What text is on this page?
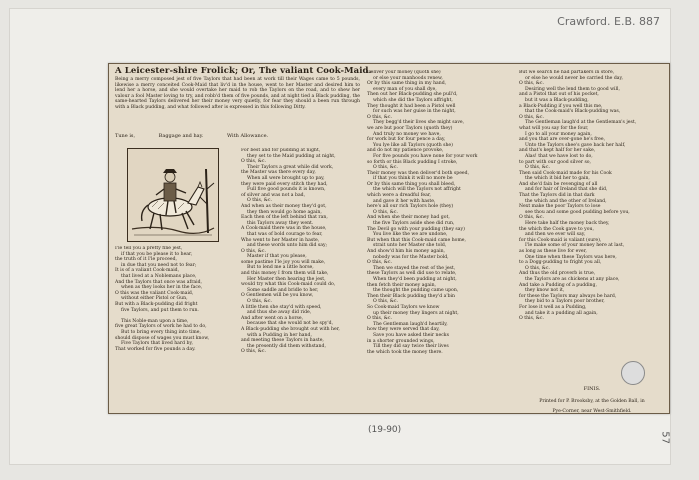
Crawford. E.B. 887
57
(19-90)
A Leicester-shire Frolick; Or, The valiant Cook-Maid.
Being a merry composed jest of five Taylors that had been at work till their Wages came to 5 pounds, likewise a merry conceited Cook-Maid that liv'd in the house, went to her Master and desired him to lend her a horse, and she would overtake her maid to rob the Taylors on the road, and to shew her valour a fool Master loving to try, and robb'd them of five pounds, and at night tied a Black pudding, the same-hearted Taylors delivered her their money very quietly, for fear they should a been run through with a Black pudding, and what followed after is expressed in this following Ditty.
Tune is,	Baggage and hay.	With Allowance.

I'le tell you a pretty fine jest,

if that you be please it to hear,

the truth of it I'le proceed,

in due that you need not to fear;

It is of a valiant Cook-maid,

that lived at a Noblemans place,

And the Taylors that once was afraid,

when as they looks her in the face,

O this was the valiant Cook-maid,

without either Pistol or Gun,

But with a Black-pudding did fright

five Taylors, and put them to run.

This Noble-man upon a time,

five great Taylors of work he had to do,

But to bring every thing into time,

should dispose of wages you must know,

Five Taylors that lived hard by,

That worked for five pounds a day.

For best and for pudding at night,

they set to the Maid pudding at night,

O this, &c.

Their Taylors a great while did work,

the Master was there every day,

When all were brought up to pay,

they were paid every stitch they had,

Full five good pounds it is known,

of silver and was not a bad,

O this, &c.

And when as their money they'd got,

they then would go home again,

Each then of the left behind that ran,

this Taylors away they went.

A Cook-maid there was in the house,

that was of bold courage to fear,

Who went to her Master in haste,

and these words unto him did say;

O this, &c.

Master if that you please,

some pastime I'le joy you will make,

But to lend me a little horse,

and this money I from them will take,

Her Master then hearing the jest,

would try what this Cook-maid could do,

Some saddle and bridle to her,

O Gentlemen will be you know,

O this, &c.

A little then she stay'd with speed,

and thus she away did ride,

And after went on a horse,

because that she would not be spy'd,

A Black-pudding she brought out with her,

with a Pudding in her hand,

and meeting these Taylors in haste,

the presently did them withstand,

O this, &c.

Deliver your money (quoth she)

or else your manhoods renew,

Or by this same thing in my hand,

every man of you shall dye,

Then out her Black-pudding she pull'd,

which she did the Taylors affright,

They thought it had been a Pistol well

for such was her guise in the night,

O this, &c.

They begg'd their lives she might save,

we are but poor Taylors (quoth they)

And truly no money we have,

for work but for four pence a day,

You lye like all Taylors (quoth she)

and do not my patience provoke,

For five pounds you have none for your work

so forth or this Black pudding I stroke,

O this, &c.

Their money was then deliver'd both speed,

if that you think it will no more be

Or by this same thing you shall bleed,

the which will the Taylors not affright

which were a dreadful fear,

and gave it her with haste,

here's all our rich Taylors hole (they)

O this, &c.

And when she their money had got,

the five Taylors aside shee did run,

The Devil go with your pudding (they say)

You live like the we are undone,

But when that this Cook-maid came home,

strait unto her Master she told,

And show'd him his money again,

nobody was for the Master bold,

O this, &c.

Then we stayed the rest of the jest,

these Taylors as well did use to relate,

When they'd been pudding at night,

then fetch their money again,

the thought the pudding came upon,

Then their Black pudding they'd a'bin

O this, &c.

So Cook-maid Taylors we know

up their money they lingers at night,

O this, &c.

The Gentleman laugh'd heartily,

how they were served that day,

Save you have asked their necks

in a shorter grounded wings,

Till they did say twice their lives

the which took the money there.

But we search he had partakers in store,

or else he would never be carried the day,

O this, &c.

Desiring well the lend them to good will,

and a Pistol that out of his pocket,

but it was a Black-pudding,

a Black-Pudding if you well this me,

that the Cook-maid's Black-pudding was,

O this, &c.

The Gentleman laugh'd at the Gentleman's jest,

what will you say for the four,

I go to all your money again,

and you that are over-gone he's free,

Unto the Taylors shee's gave back her half,

and that's kept half for her sake,

Alas! that we have lost to do,

to part with our good silver so,

O this, &c.

Then said Cook-maid made for his Cook

the which it bid her to gain,

And she'd fain be revenging of all

and for hair of Ireland that she did,

That the Taylors did in that dark

the which and the other of Ireland,

Next make the poor Taylors to lose

see thou and some good pudding before you,

O this, &c.

Here take half the money back they,

the which the Cook gave to you,

and then we ever will say,

for this Cook-maid is valiant (sure),

I'le make some of your money here at last,

as long as these live for ever,

One time when these Taylors was here,

to a Dogg-pudding to fright you all,

O this, &c.

And thus the old proverb is true,

the Taylors are as chickens at any place,

And take a Pudding of a pudding,

they know not it,

for these the Taylors may always be hard,

they bid to a Taylors poor brother,

For lose it well as a Pudding,

and take it a pudding all again,

O this, &c.

FINIS.

Printed for P. Brooksby, at the Golden Ball, in

Pye-Corner, near West-Smithfield.
